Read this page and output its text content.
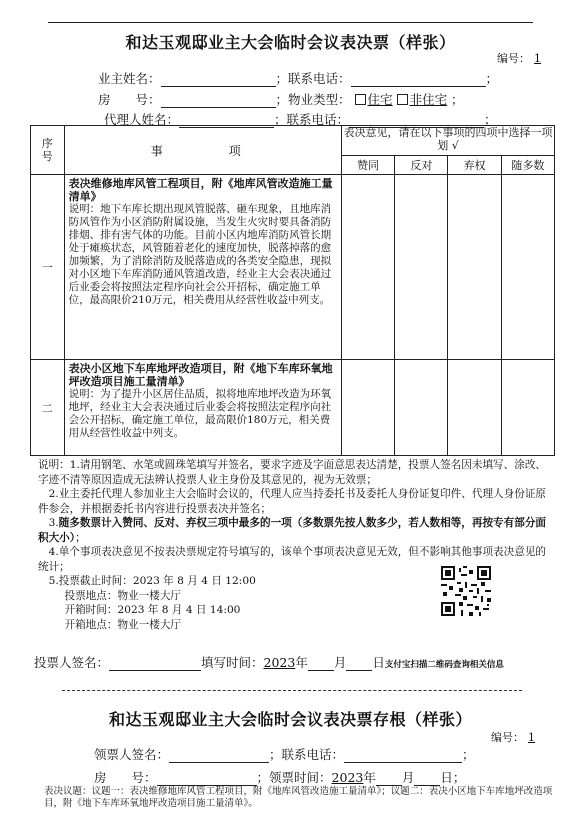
和达玉观邸业主大会临时会议表决票（样张）
编号： 1
业主姓名：	；联系电话：	；
房　　号：	；物业类型： 住宅 非住宅 ；
代理人姓名：	；联系电话：	；
序号	事　　项	表决意见，请在以下事项的四项中选择一项划 √			
		赞同	反对	弃权	随多数
一	表决维修地库风管工程项目，附《地库风管改造施工量清单》
说明：地下车库长期出现风管脱落、砸车现象，且地库消防风管作为小区消防附属设施，当发生火灾时要具备消防排烟、排有害气体的功能。目前小区内地库消防风管长期处于瘫痪状态，风管随着老化的速度加快，脱落掉落的愈加频繁，为了消除消防及脱落造成的各类安全隐患，现拟对小区地下车库消防通风管道改造，经业主大会表决通过后业委会将按照法定程序向社会公开招标，确定施工单位，最高限价210万元，相关费用从经营性收益中列支。				

二	表决小区地下车库地坪改造项目，附《地下车库环氧地坪改造项目施工量清单》
说明：为了提升小区居住品质，拟将地库地坪改造为环氧地坪，经业主大会表决通过后业委会将按照法定程序向社会公开招标，确定施工单位，最高限价180万元，相关费用从经营性收益中列支。				

说明：1.请用钢笔、水笔或圆珠笔填写并签名，要求字迹及字面意思表达清楚，投票人签名因未填写、涂改、字迹不清等原因造成无法辨认投票人业主身份及其意见的，视为无效票；

2.业主委托代理人参加业主大会临时会议的，代理人应当持委托书及委托人身份证复印件、代理人身份证原件参会，并根据委托书内容进行投票表决并签名；

3.随多数票计入赞同、反对、弃权三项中最多的一项（多数票先按人数多少，若人数相等，再按专有部分面积大小）；

4.单个事项表决意见不按表决票规定符号填写的，该单个事项表决意见无效，但不影响其他事项表决意见的统计；

5.投票截止时间：2023 年 8 月 4 日 12:00

投票地点：物业一楼大厅

开箱时间：2023 年 8 月 4 日 14:00

开箱地点：物业一楼大厅

投票人签名：	填写时间：2023年 月 日支付宝扫描二维码查询相关信息
和达玉观邸业主大会临时会议表决票存根（样张）
编号： 1
领票人签名：	；联系电话：	；
房　　号：	；领票时间：2023年 月 日；
表决议题：议题一：表决维修地库风管工程项目，附《地库风管改造施工量清单》；议题二：表决小区地下车库地坪改造项目，附《地下车库环氧地坪改造项目施工量清单》。
